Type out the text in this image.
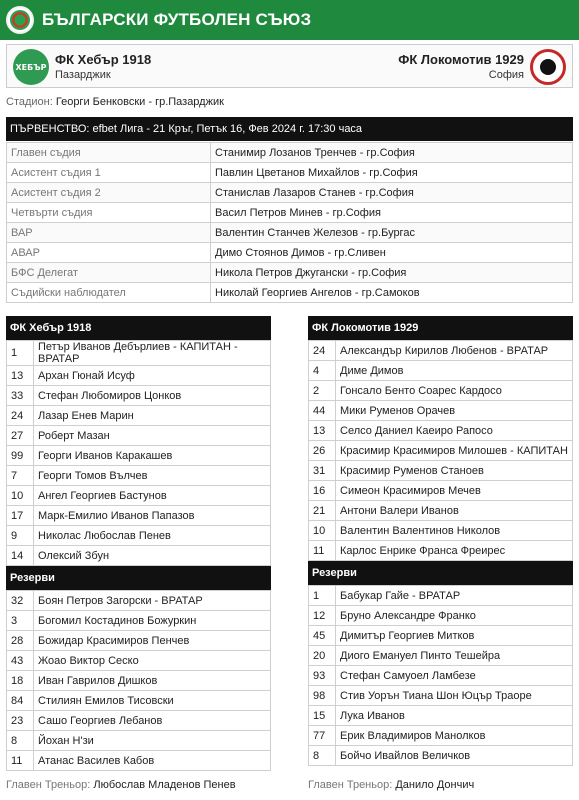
БЪЛГАРСКИ ФУТБОЛЕН СЪЮЗ
ХЕБЪР ФК Хебър 1918
Пазарджик
ФК Локомотив 1929
София
Стадион: Георги Бенковски - гр.Пазарджик
ПЪРВЕНСТВО: efbet Лига - 21 Кръг, Петък 16, Фев 2024 г. 17:30 часа
Главен съдия	Станимир Лозанов Тренчев - гр.София
Асистент съдия 1	Павлин Цветанов Михайлов - гр.София
Асистент съдия 2	Станислав Лазаров Станев - гр.София
Четвърти съдия	Васил Петров Минев - гр.София
ВАР	Валентин Станчев Железов - гр.Бургас
АВАР	Димо Стоянов Димов - гр.Сливен
БФС Делегат	Никола Петров Джугански - гр.София
Съдийски наблюдател	Николай Георгиев Ангелов - гр.Самоков
ФК Хебър 1918
1	Петър Иванов Дебърлиев - КАПИТАН - ВРАТАР
13	Архан Гюнай Исуф
33	Стефан Любомиров Цонков
24	Лазар Енев Марин
27	Роберт Мазан
99	Георги Иванов Каракашев
7	Георги Томов Вълчев
10	Ангел Георгиев Бастунов
17	Марк-Емилио Иванов Папазов
9	Николас Любослав Пенев
14	Олексий Збун
Резерви
32	Боян Петров Загорски - ВРАТАР
3	Богомил Костадинов Божуркин
28	Божидар Красимиров Пенчев
43	Жоао Виктор Сеско
18	Иван Гаврилов Дишков
84	Стилиян Емилов Тисовски
23	Сашо Георгиев Лебанов
8	Йохан Н'зи
11	Атанас Василев Кабов
ФК Локомотив 1929
24	Александър Кирилов Любенов - ВРАТАР
4	Диме Димов
2	Гонсало Бенто Соарес Кардосо
44	Мики Руменов Орачев
13	Селсо Даниел Каеиро Рапосо
26	Красимир Красимиров Милошев - КАПИТАН
31	Красимир Руменов Станоев
16	Симеон Красимиров Мечев
21	Антони Валери Иванов
10	Валентин Валентинов Николов
11	Карлос Енрике Франса Фреирес
Резерви
1	Бабукар Гайе - ВРАТАР
12	Бруно Александре Франко
45	Димитър Георгиев Митков
20	Диого Емануел Пинто Тешейра
93	Стефан Самуоел Ламбезе
98	Стив Уорън Тиана Шон Юцър Траоре
15	Лука Иванов
77	Ерик Владимиров Манолков
8	Бойчо Ивайлов Величков
Главен Треньор: Любослав Младенов Пенев	Главен Треньор: Данило Дончич
